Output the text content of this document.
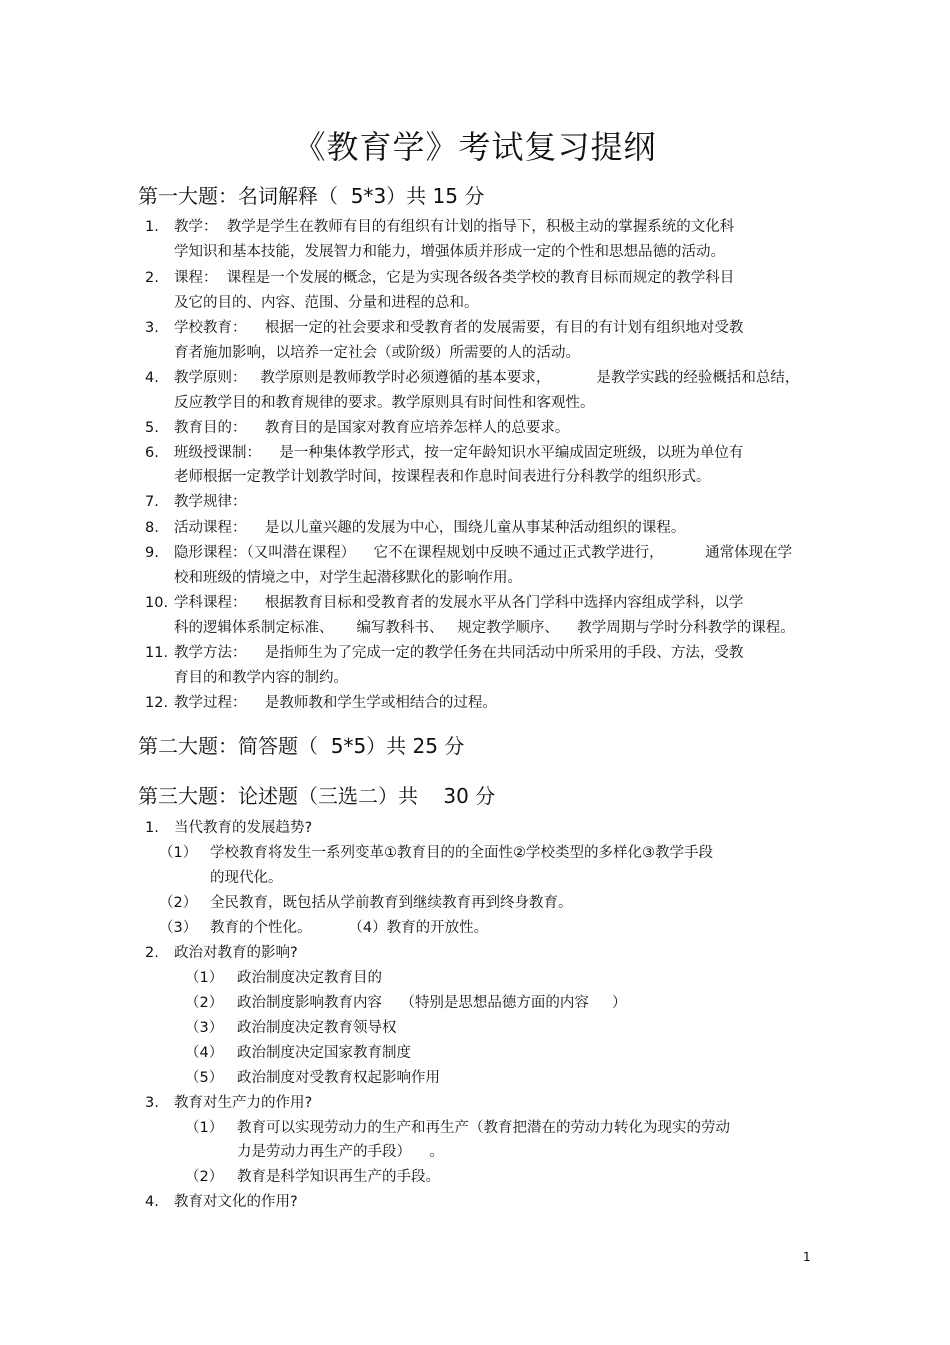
《教育学》考试复习提纲
第一大题：名词解释（  5*3）共 15 分
1. 教学：  教学是学生在教师有目的有组织有计划的指导下，积极主动的掌握系统的文化科
学知识和基本技能，发展智力和能力，增强体质并形成一定的个性和思想品德的活动。
2. 课程：  课程是一个发展的概念，它是为实现各级各类学校的教育目标而规定的教学科目
及它的目的、内容、范围、分量和进程的总和。
3. 学校教育：    根据一定的社会要求和受教育者的发展需要，有目的有计划有组织地对受教
育者施加影响，以培养一定社会（或阶级）所需要的人的活动。
4. 教学原则：   教学原则是教师教学时必须遵循的基本要求，          是教学实践的经验概括和总结，
反应教学目的和教育规律的要求。教学原则具有时间性和客观性。
5. 教育目的：    教育目的是国家对教育应培养怎样人的总要求。
6. 班级授课制：    是一种集体教学形式，按一定年龄知识水平编成固定班级，以班为单位有
老师根据一定教学计划教学时间，按课程表和作息时间表进行分科教学的组织形式。
7. 教学规律：
8. 活动课程：    是以儿童兴趣的发展为中心，围绕儿童从事某种活动组织的课程。
9. 隐形课程：（又叫潜在课程）    它不在课程规划中反映不通过正式教学进行，         通常体现在学
校和班级的情境之中，对学生起潜移默化的影响作用。
10. 学科课程：    根据教育目标和受教育者的发展水平从各门学科中选择内容组成学科，以学
科的逻辑体系制定标准、     编写教科书、   规定教学顺序、    教学周期与学时分科教学的课程。
11. 教学方法：    是指师生为了完成一定的教学任务在共同活动中所采用的手段、方法，受教
育目的和教学内容的制约。
12. 教学过程：    是教师教和学生学或相结合的过程。
第二大题：简答题（  5*5）共 25 分
第三大题：论述题（三选二）共    30 分
1. 当代教育的发展趋势?
（1） 学校教育将发生一系列变革①教育目的的全面性②学校类型的多样化③教学手段
的现代化。
（2） 全民教育，既包括从学前教育到继续教育再到终身教育。
（3） 教育的个性化。        （4）教育的开放性。
2. 政治对教育的影响?
（1） 政治制度决定教育目的
（2） 政治制度影响教育内容    （特别是思想品德方面的内容     ）
（3） 政治制度决定教育领导权
（4） 政治制度决定国家教育制度
（5） 政治制度对受教育权起影响作用
3. 教育对生产力的作用?
（1） 教育可以实现劳动力的生产和再生产（教育把潜在的劳动力转化为现实的劳动
力是劳动力再生产的手段）    。
（2） 教育是科学知识再生产的手段。
4. 教育对文化的作用?
1
